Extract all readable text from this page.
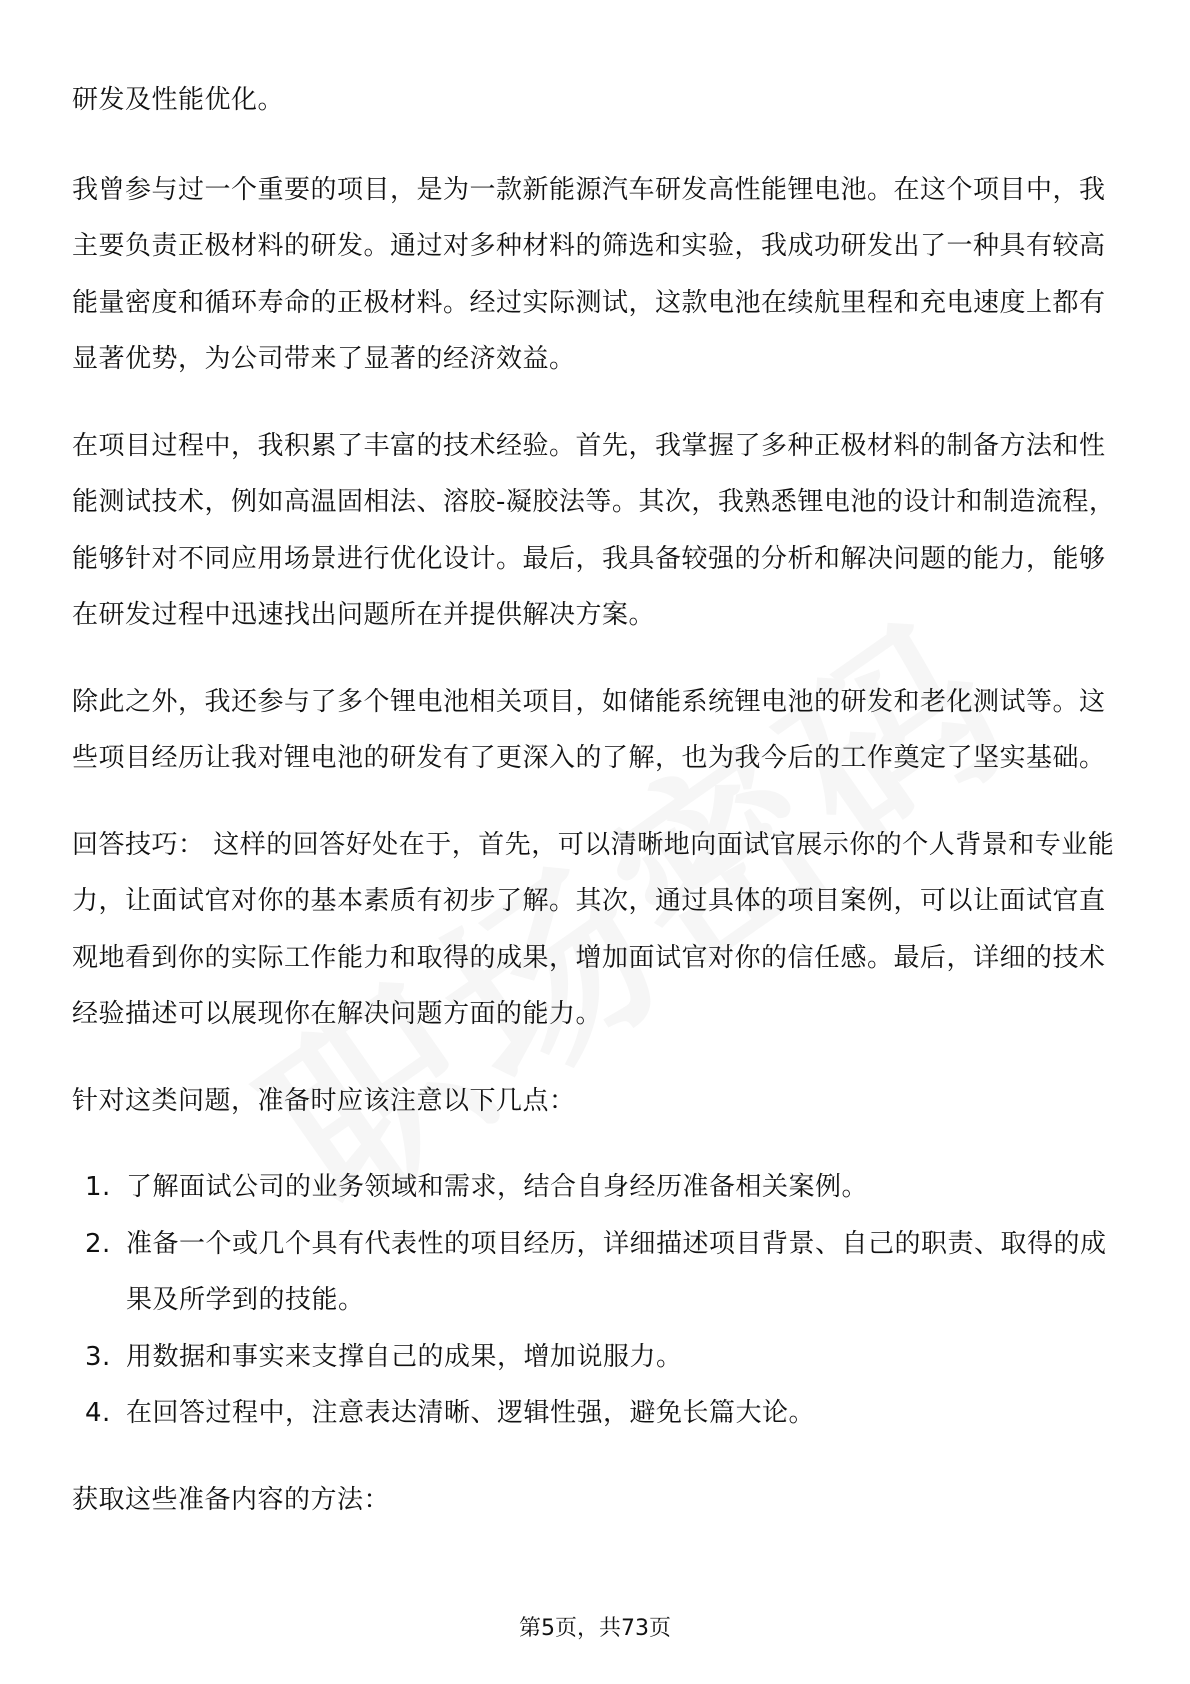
研发及性能优化。

我曾参与过一个重要的项目，是为一款新能源汽车研发高性能锂电池。在这个项目中，我主要负责正极材料的研发。通过对多种材料的筛选和实验，我成功研发出了一种具有较高能量密度和循环寿命的正极材料。经过实际测试，这款电池在续航里程和充电速度上都有显著优势，为公司带来了显著的经济效益。

在项目过程中，我积累了丰富的技术经验。首先，我掌握了多种正极材料的制备方法和性能测试技术，例如高温固相法、溶胶-凝胶法等。其次，我熟悉锂电池的设计和制造流程，能够针对不同应用场景进行优化设计。最后，我具备较强的分析和解决问题的能力，能够在研发过程中迅速找出问题所在并提供解决方案。

除此之外，我还参与了多个锂电池相关项目，如储能系统锂电池的研发和老化测试等。这些项目经历让我对锂电池的研发有了更深入的了解，也为我今后的工作奠定了坚实基础。

回答技巧： 这样的回答好处在于，首先，可以清晰地向面试官展示你的个人背景和专业能力，让面试官对你的基本素质有初步了解。其次，通过具体的项目案例，可以让面试官直观地看到你的实际工作能力和取得的成果，增加面试官对你的信任感。最后，详细的技术经验描述可以展现你在解决问题方面的能力。

针对这类问题，准备时应该注意以下几点：

1. 了解面试公司的业务领域和需求，结合自身经历准备相关案例。
2. 准备一个或几个具有代表性的项目经历，详细描述项目背景、自己的职责、取得的成果及所学到的技能。
3. 用数据和事实来支撑自己的成果，增加说服力。
4. 在回答过程中，注意表达清晰、逻辑性强，避免长篇大论。

获取这些准备内容的方法：

第5页，共73页
